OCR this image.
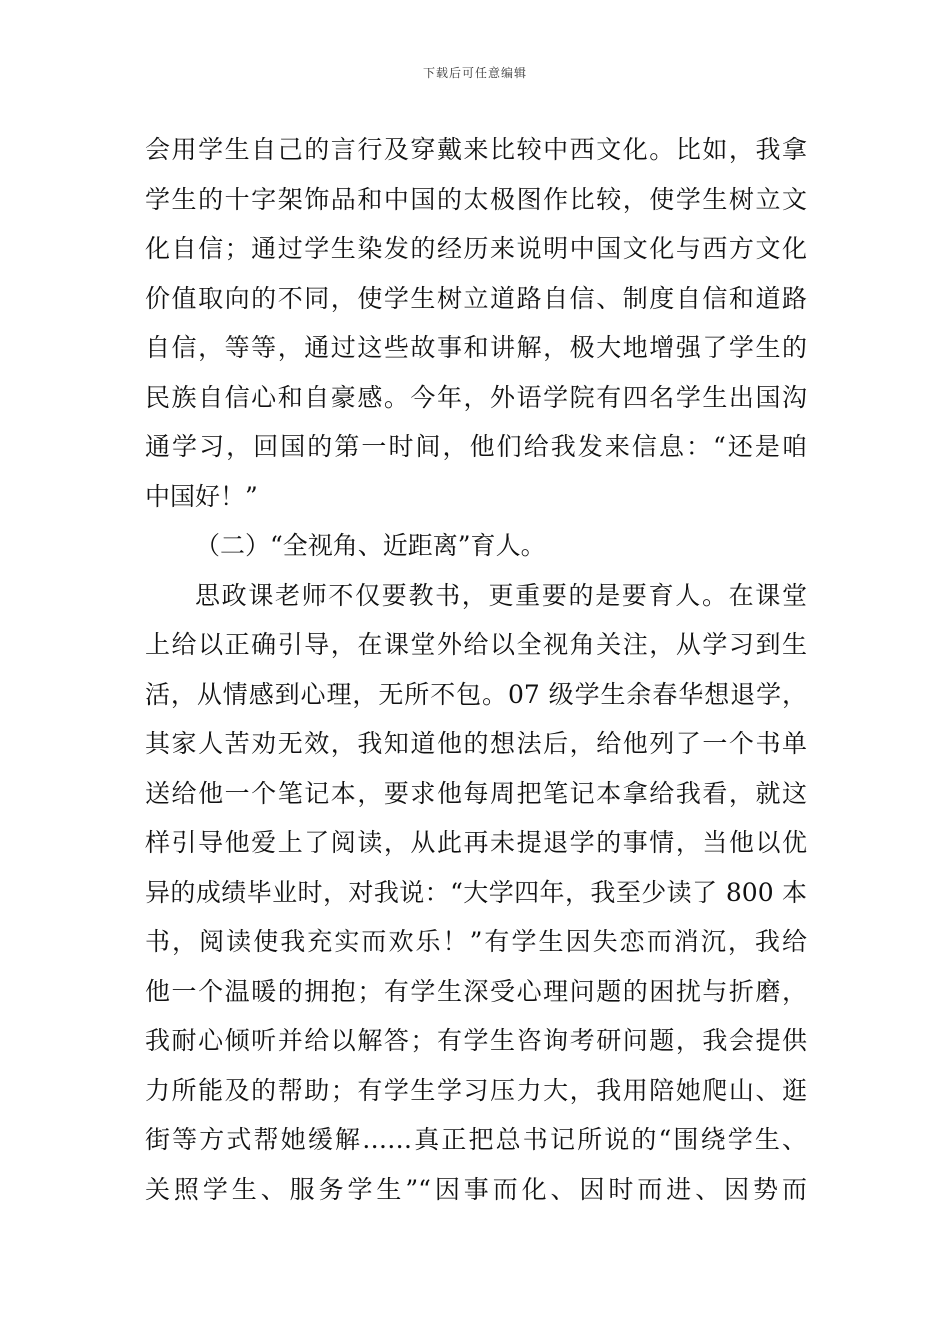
下载后可任意编辑
会用学生自己的言行及穿戴来比较中西文化。比如，我拿
学生的十字架饰品和中国的太极图作比较，使学生树立文
化自信；通过学生染发的经历来说明中国文化与西方文化
价值取向的不同，使学生树立道路自信、制度自信和道路
自信，等等，通过这些故事和讲解，极大地增强了学生的
民族自信心和自豪感。今年，外语学院有四名学生出国沟
通学习，回国的第一时间，他们给我发来信息：“还是咱
中国好！”
（二）“全视角、近距离”育人。
思政课老师不仅要教书，更重要的是要育人。在课堂
上给以正确引导，在课堂外给以全视角关注，从学习到生
活，从情感到心理，无所不包。07 级学生余春华想退学，
其家人苦劝无效，我知道他的想法后，给他列了一个书单
送给他一个笔记本，要求他每周把笔记本拿给我看，就这
样引导他爱上了阅读，从此再未提退学的事情，当他以优
异的成绩毕业时，对我说：“大学四年，我至少读了 800 本
书，阅读使我充实而欢乐！”有学生因失恋而消沉，我给
他一个温暖的拥抱；有学生深受心理问题的困扰与折磨，
我耐心倾听并给以解答；有学生咨询考研问题，我会提供
力所能及的帮助；有学生学习压力大，我用陪她爬山、逛
街等方式帮她缓解……真正把总书记所说的“围绕学生、
关照学生、服务学生”“因事而化、因时而进、因势而
